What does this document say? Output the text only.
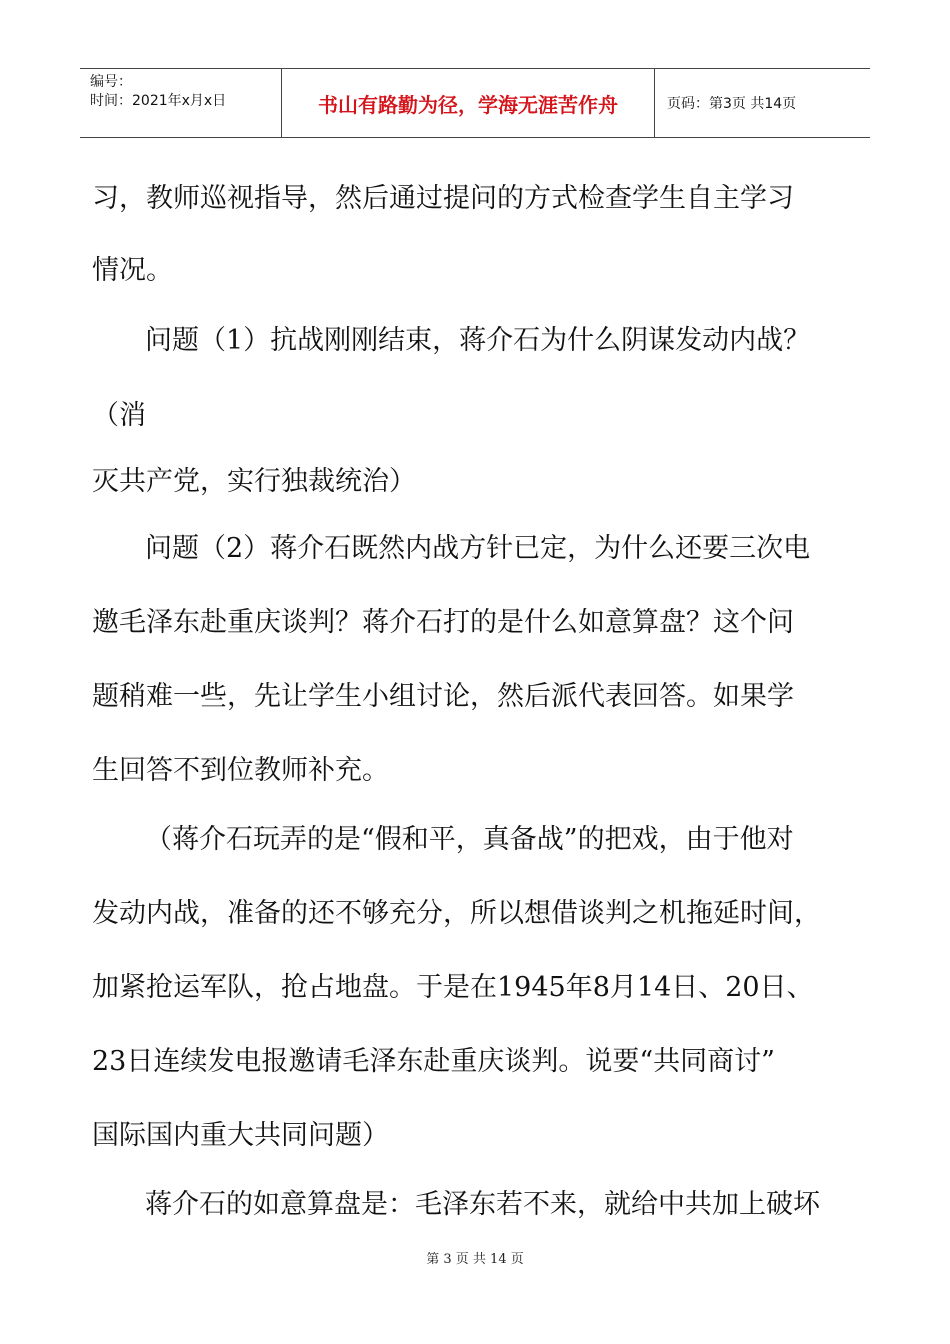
编号：
时间：2021年x月x日	书山有路勤为径，学海无涯苦作舟	页码：第3页 共14页
习，教师巡视指导，然后通过提问的方式检查学生自主学习
情况。
问题（1）抗战刚刚结束，蒋介石为什么阴谋发动内战？
（消
灭共产党，实行独裁统治）
问题（2）蒋介石既然内战方针已定，为什么还要三次电
邀毛泽东赴重庆谈判？蒋介石打的是什么如意算盘？这个问
题稍难一些，先让学生小组讨论，然后派代表回答。如果学
生回答不到位教师补充。
（蒋介石玩弄的是“假和平，真备战”的把戏，由于他对
发动内战，准备的还不够充分，所以想借谈判之机拖延时间，
加紧抢运军队，抢占地盘。于是在1945年8月14日、20日、
23日连续发电报邀请毛泽东赴重庆谈判。说要“共同商讨”
国际国内重大共同问题）
蒋介石的如意算盘是：毛泽东若不来，就给中共加上破坏
第 3 页 共 14 页
